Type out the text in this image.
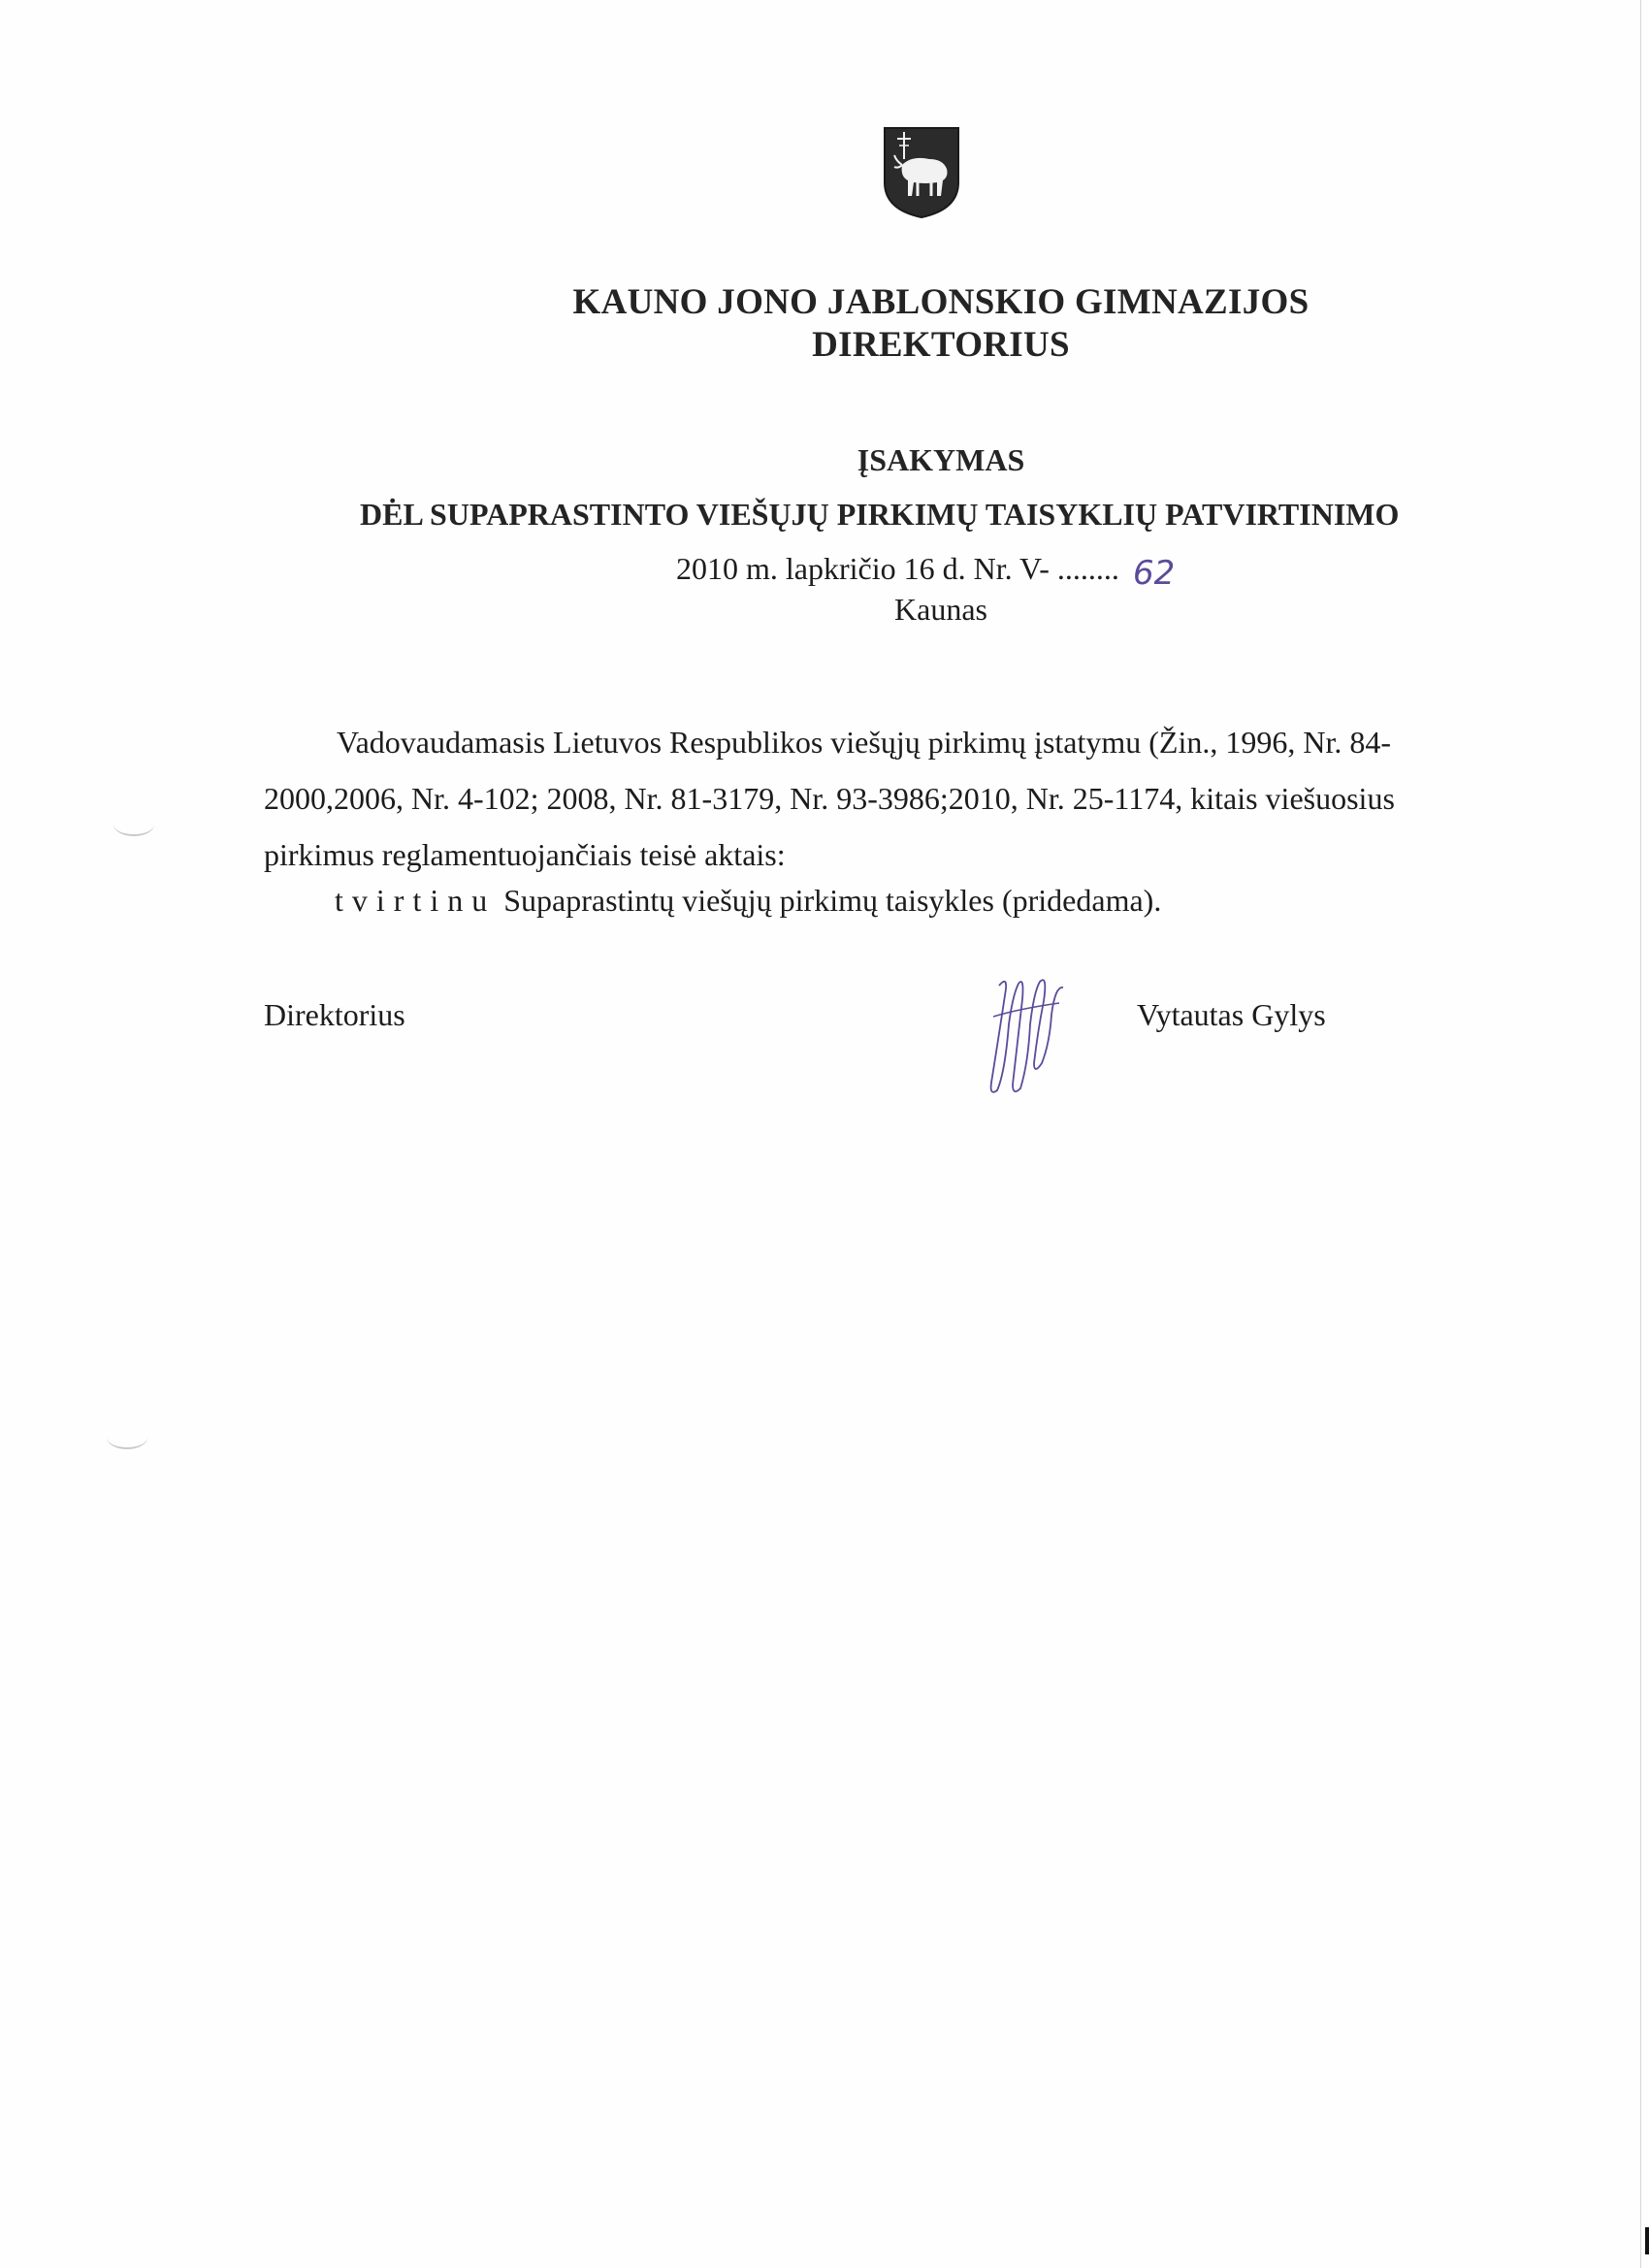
KAUNO JONO JABLONSKIO GIMNAZIJOS
DIREKTORIUS
ĮSAKYMAS
DĖL SUPAPRASTINTO VIEŠŲJŲ PIRKIMŲ TAISYKLIŲ PATVIRTINIMO
2010 m. lapkričio 16 d. Nr. V- ........ 62
Kaunas
Vadovaudamasis Lietuvos Respublikos viešųjų pirkimų įstatymu (Žin., 1996, Nr. 84-
2000,2006, Nr. 4-102; 2008, Nr. 81-3179, Nr. 93-3986;2010, Nr. 25-1174, kitais viešuosius
pirkimus reglamentuojančiais teisė aktais:
tvirtinu Supaprastintų viešųjų pirkimų taisykles (pridedama).
Direktorius	Vytautas Gylys
